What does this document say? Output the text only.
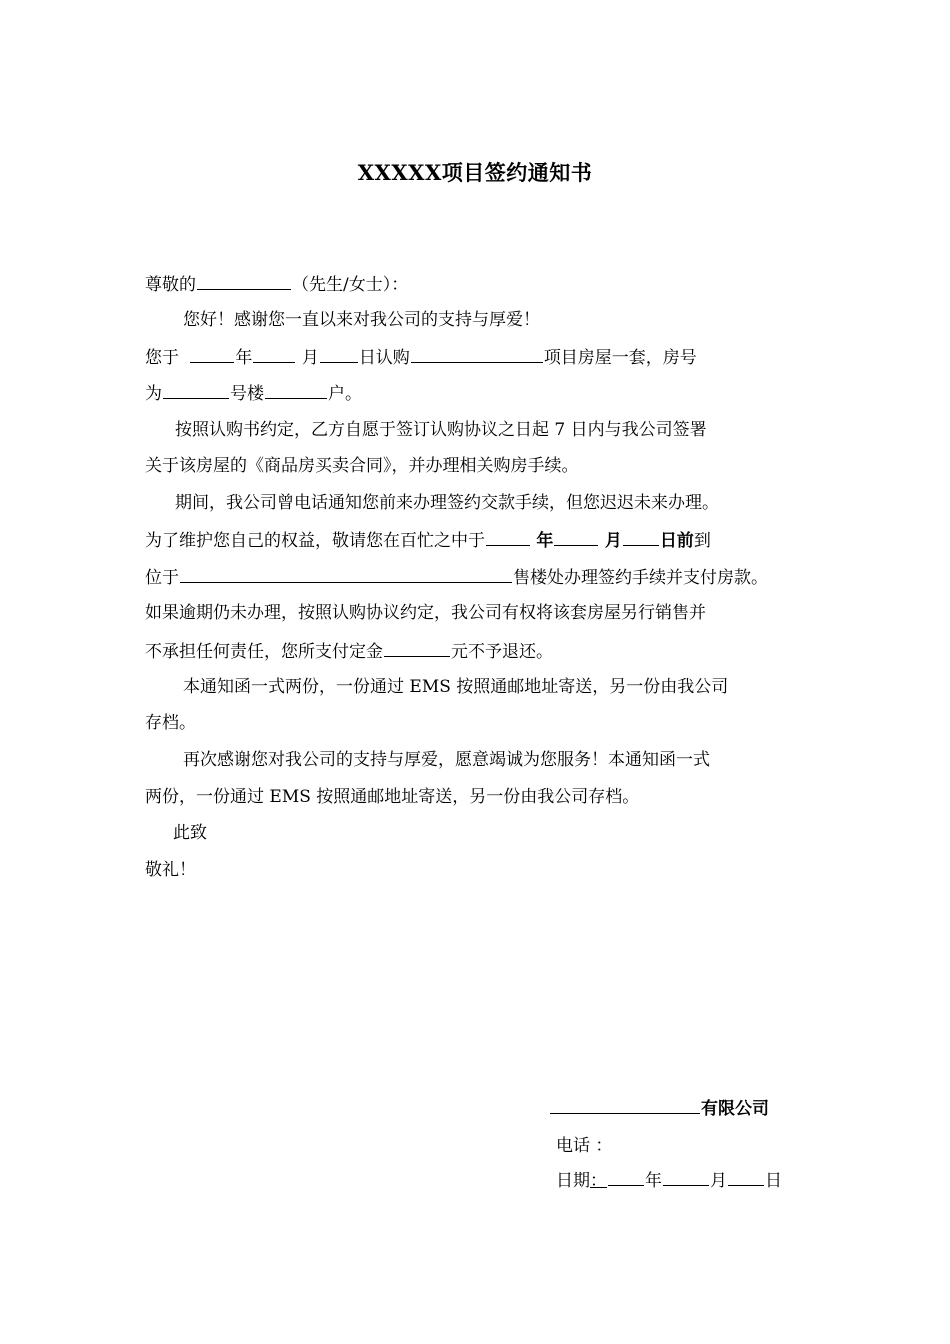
XXXXX项目签约通知书
尊敬的	（先生/女士）：
您好！感谢您一直以来对我公司的支持与厚爱！
您于	年	月 日认购	项目房屋一套，房号
为	号楼	户。
按照认购书约定，乙方自愿于签订认购协议之日起 7 日内与我公司签署
关于该房屋的《商品房买卖合同》，并办理相关购房手续。
期间，我公司曾电话通知您前来办理签约交款手续，但您迟迟未来办理。
为了维护您自己的权益，敬请您在百忙之中于	年	月 日前到
位于	售楼处办理签约手续并支付房款。
如果逾期仍未办理，按照认购协议约定，我公司有权将该套房屋另行销售并
不承担任何责任，您所支付定金	元不予退还。
本通知函一式两份，一份通过 EMS 按照通邮地址寄送，另一份由我公司
存档。
再次感谢您对我公司的支持与厚爱，愿意竭诚为您服务！本通知函一式
两份，一份通过 EMS 按照通邮地址寄送，另一份由我公司存档。
此致
敬礼！
有限公司
电话 ：
日期： 年	月 日
